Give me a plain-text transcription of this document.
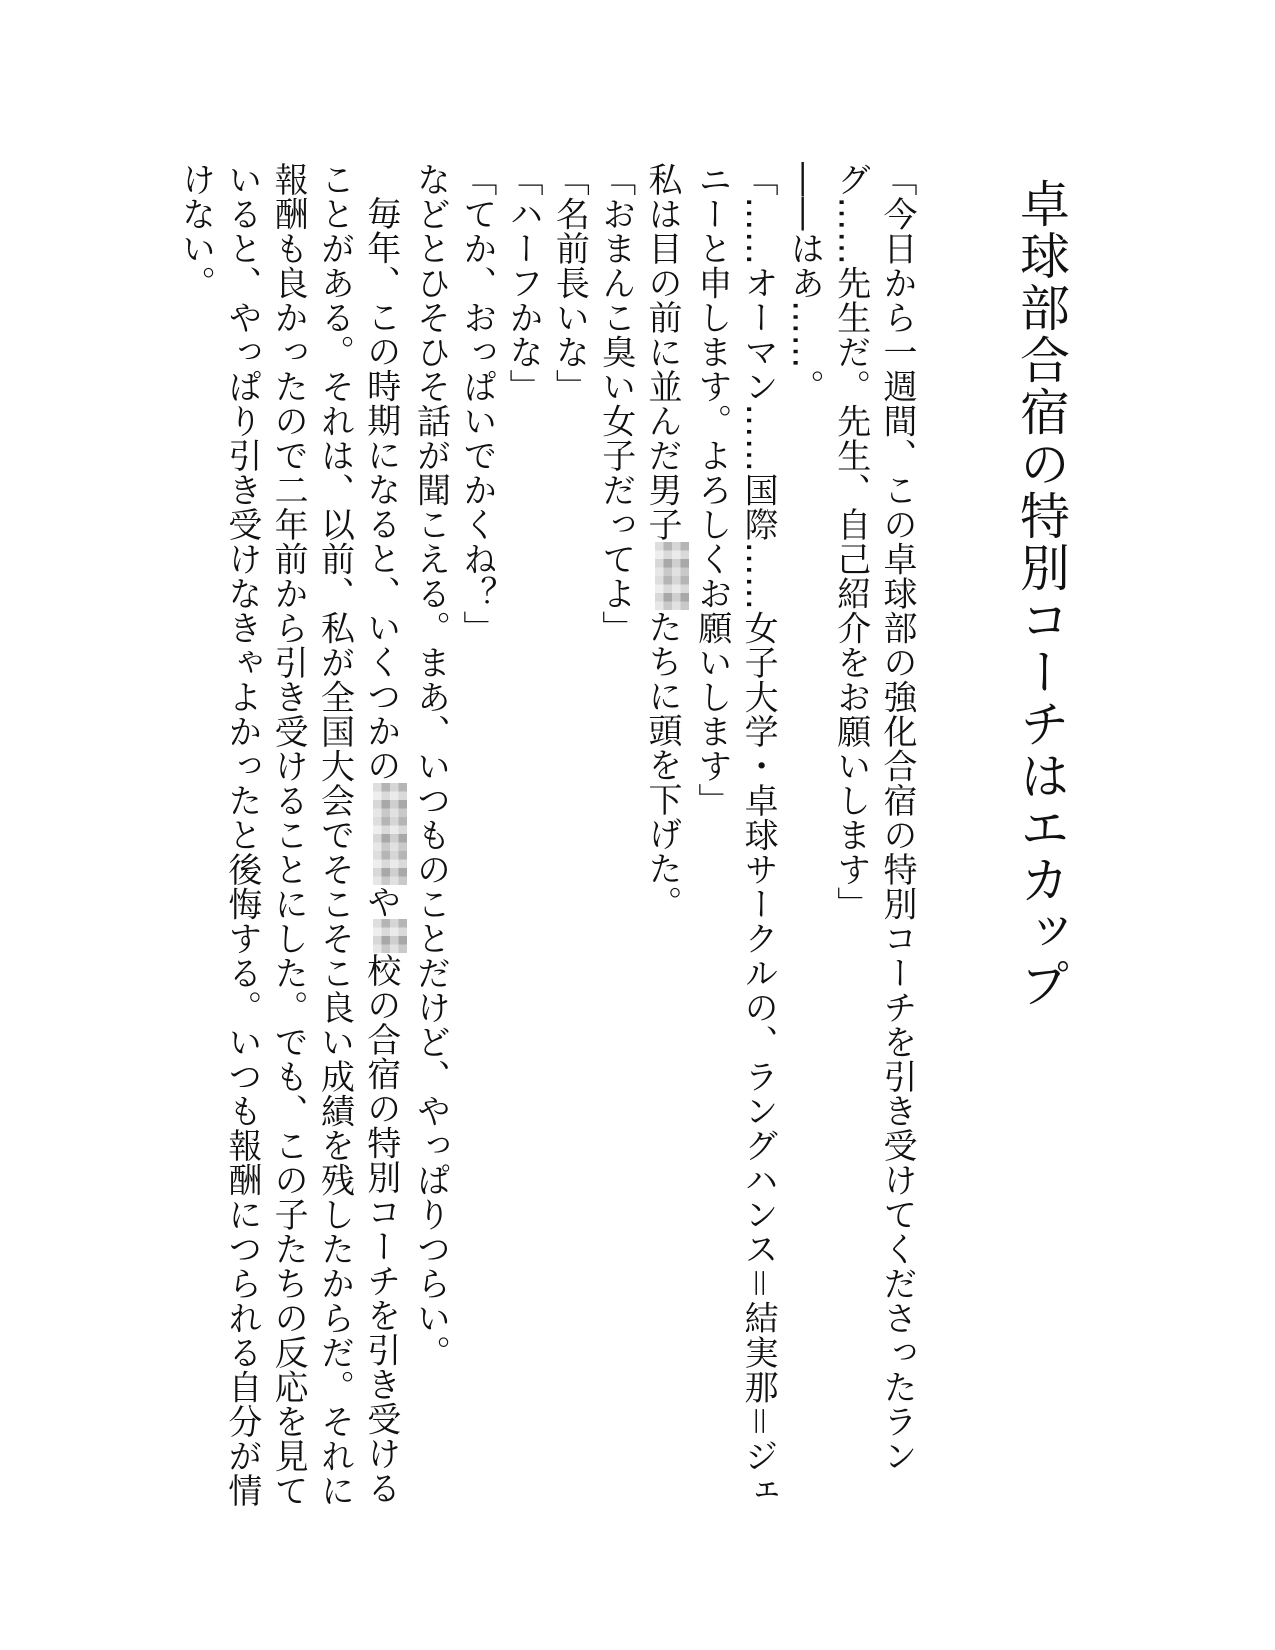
卓球部合宿の特別コーチはエカップ

「今日から一週間、この卓球部の強化合宿の特別コーチを引き受けてくださったラング……先生だ。先生、自己紹介をお願いします」

――はあ……。

「……オーマン……国際……女子大学・卓球サークルの、ラングハンス＝結実那＝ジェニーと申します。よろしくお願いします」

私は目の前に並んだ男子たちに頭を下げた。

「おまんこ臭い女子だってよ」

「名前長いな」

「ハーフかな」

「てか、おっぱいでかくね？」

などとひそひそ話が聞こえる。まあ、いつものことだけど、やっぱりつらい。

毎年、この時期になると、いくつかのや校の合宿の特別コーチを引き受けることがある。それは、以前、私が全国大会でそこそこ良い成績を残したからだ。それに報酬も良かったので二年前から引き受けることにした。でも、この子たちの反応を見ていると、やっぱり引き受けなきゃよかったと後悔する。いつも報酬につられる自分が情けない。
